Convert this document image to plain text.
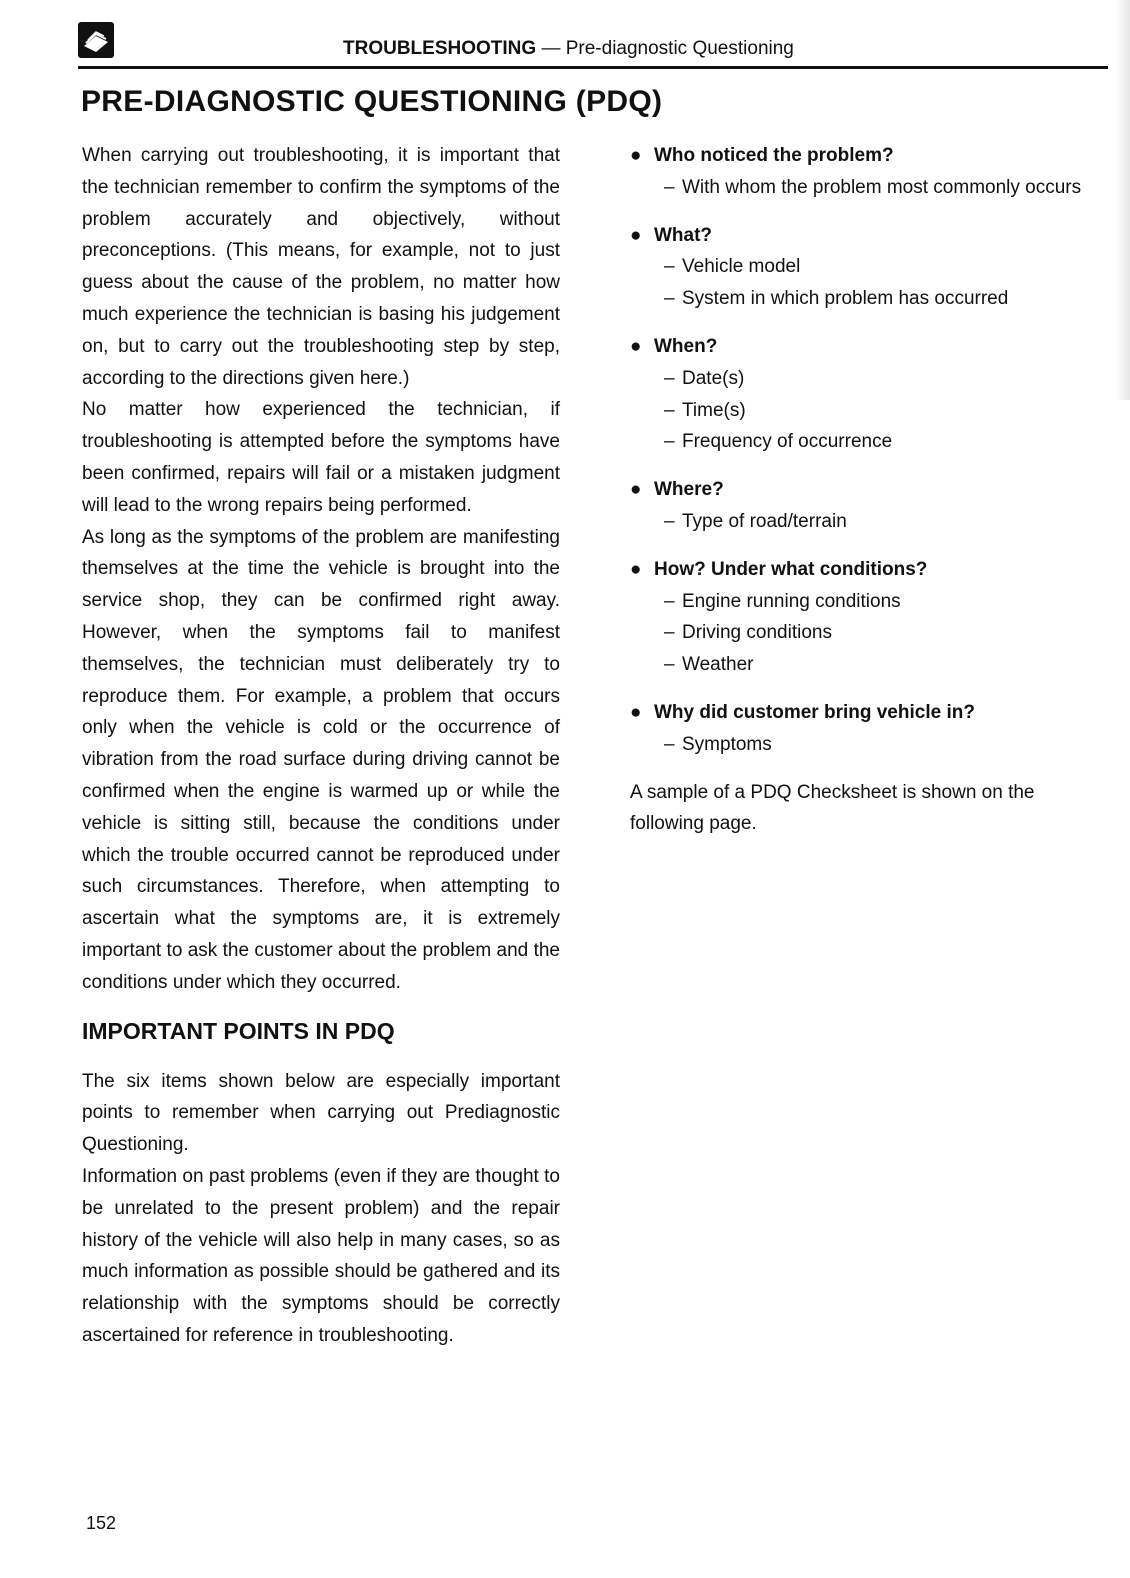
TROUBLESHOOTING — Pre-diagnostic Questioning
PRE-DIAGNOSTIC QUESTIONING (PDQ)

When carrying out troubleshooting, it is important that the technician remember to confirm the symptoms of the problem accurately and objectively, without preconceptions. (This means, for example, not to just guess about the cause of the problem, no matter how much experience the technician is basing his judgement on, but to carry out the troubleshooting step by step, according to the directions given here.)

No matter how experienced the technician, if troubleshooting is attempted before the symptoms have been confirmed, repairs will fail or a mistaken judgment will lead to the wrong repairs being performed.

As long as the symptoms of the problem are manifesting themselves at the time the vehicle is brought into the service shop, they can be confirmed right away. However, when the symptoms fail to manifest themselves, the technician must deliberately try to reproduce them. For example, a problem that occurs only when the vehicle is cold or the occurrence of vibration from the road surface during driving cannot be confirmed when the engine is warmed up or while the vehicle is sitting still, because the conditions under which the trouble occurred cannot be reproduced under such circumstances. Therefore, when attempting to ascertain what the symptoms are, it is extremely important to ask the customer about the problem and the conditions under which they occurred.

IMPORTANT POINTS IN PDQ

The six items shown below are especially important points to remember when carrying out Prediagnostic Questioning.

Information on past problems (even if they are thought to be unrelated to the present problem) and the repair history of the vehicle will also help in many cases, so as much information as possible should be gathered and its relationship with the symptoms should be correctly ascertained for reference in troubleshooting.

● Who noticed the problem?
– With whom the problem most commonly occurs
● What?
– Vehicle model
– System in which problem has occurred
● When?
– Date(s)
– Time(s)
– Frequency of occurrence
● Where?
– Type of road/terrain
● How? Under what conditions?
– Engine running conditions
– Driving conditions
– Weather
● Why did customer bring vehicle in?
– Symptoms

A sample of a PDQ Checksheet is shown on the following page.

152
